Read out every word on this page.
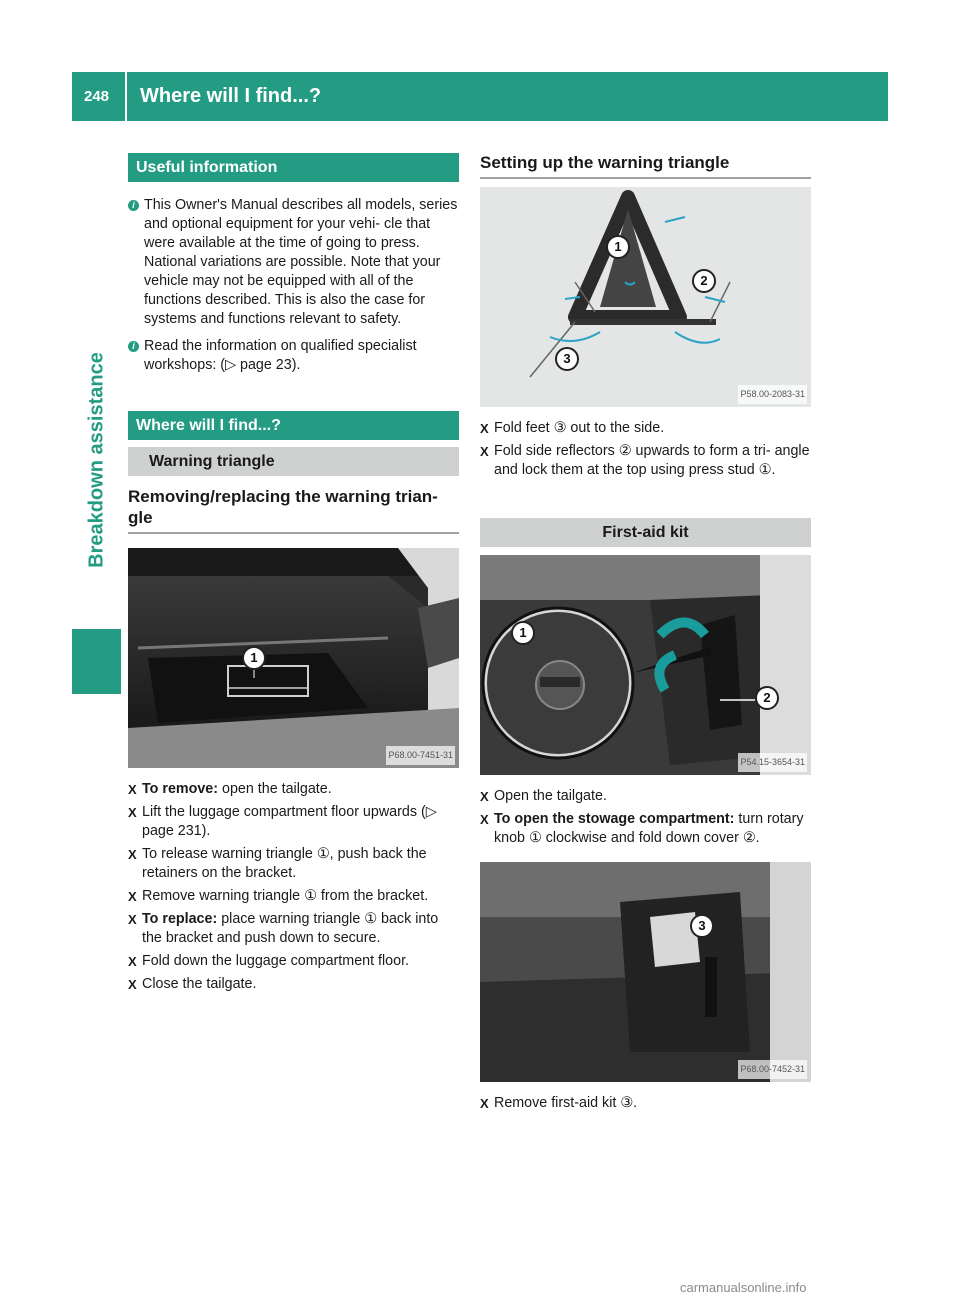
248	Where will I find...?
Breakdown assistance
Useful information
i This Owner's Manual describes all models, series and optional equipment for your vehi- cle that were available at the time of going to press. National variations are possible. Note that your vehicle may not be equipped with all of the functions described. This is also the case for systems and functions relevant to safety.
i Read the information on qualified specialist workshops: (▷ page 23).
Where will I find...?
Warning triangle
Removing/replacing the warning trian- gle
1
P68.00-7451-31
X To remove: open the tailgate.
X Lift the luggage compartment floor upwards (▷ page 231).
X To release warning triangle ①, push back the retainers on the bracket.
X Remove warning triangle ① from the bracket.
X To replace: place warning triangle ① back into the bracket and push down to secure.
X Fold down the luggage compartment floor.
X Close the tailgate.
Setting up the warning triangle
1
2
3
P58.00-2083-31
X Fold feet ③ out to the side.
X Fold side reflectors ② upwards to form a tri- angle and lock them at the top using press stud ①.
First-aid kit
1
2
P54.15-3654-31
X Open the tailgate.
X To open the stowage compartment: turn rotary knob ① clockwise and fold down cover ②.
3
P68.00-7452-31
X Remove first-aid kit ③.
carmanualsonline.info
